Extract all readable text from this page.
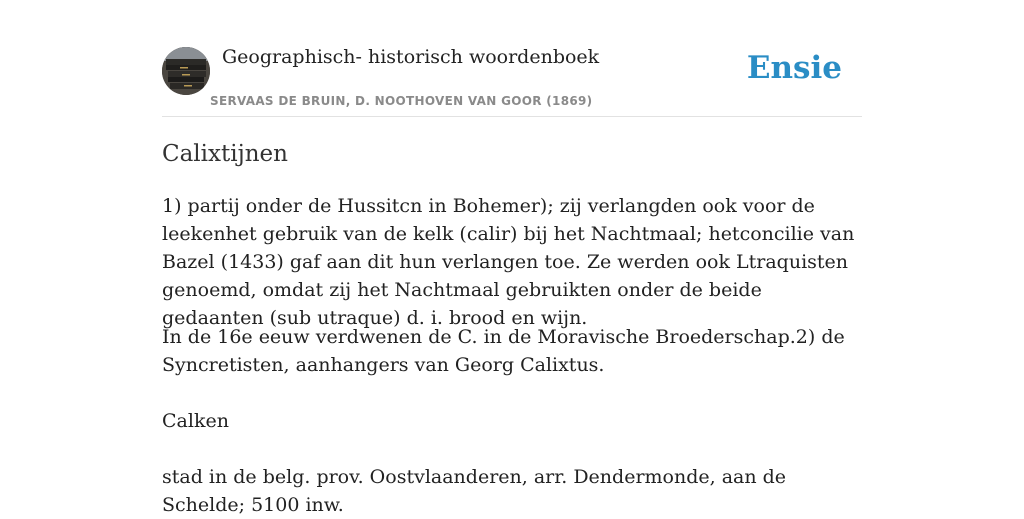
Geographisch- historisch woordenboek
SERVAAS DE BRUIN, D. NOOTHOVEN VAN GOOR (1869)
Ensie
Calixtijnen

1) partij onder de Hussitcn in Bohemer); zij verlangden ook voor de leekenhet gebruik van de kelk (calir) bij het Nachtmaal; hetconcilie van Bazel (1433) gaf aan dit hun verlangen toe. Ze werden ook Ltraquisten genoemd, omdat zij het Nachtmaal gebruikten onder de beide gedaanten (sub utraque) d. i. brood en wijn.

In de 16e eeuw verdwenen de C. in de Moravische Broederschap.2) de Syncretisten, aanhangers van Georg Calixtus.

Calken

stad in de belg. prov. Oostvlaanderen, arr. Dendermonde, aan de Schelde; 5100 inw.
